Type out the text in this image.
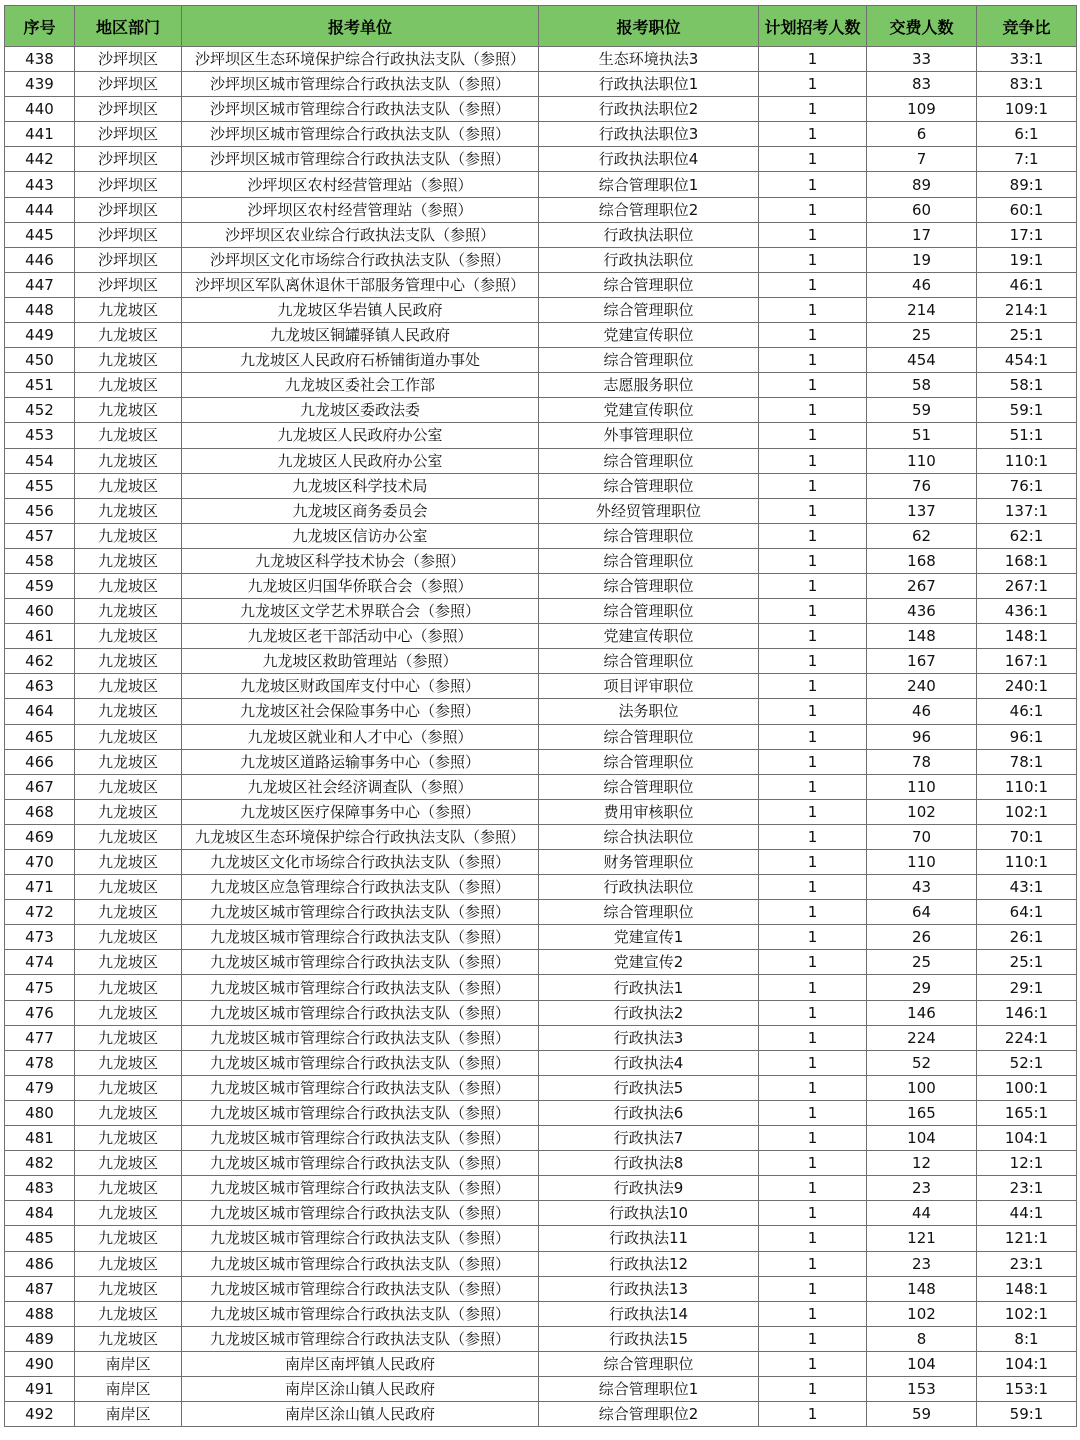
序号	地区部门	报考单位	报考职位	计划招考人数	交费人数	竞争比
438	沙坪坝区	沙坪坝区生态环境保护综合行政执法支队（参照）	生态环境执法3	1	33	33:1
439	沙坪坝区	沙坪坝区城市管理综合行政执法支队（参照）	行政执法职位1	1	83	83:1
440	沙坪坝区	沙坪坝区城市管理综合行政执法支队（参照）	行政执法职位2	1	109	109:1
441	沙坪坝区	沙坪坝区城市管理综合行政执法支队（参照）	行政执法职位3	1	6	6:1
442	沙坪坝区	沙坪坝区城市管理综合行政执法支队（参照）	行政执法职位4	1	7	7:1
443	沙坪坝区	沙坪坝区农村经营管理站（参照）	综合管理职位1	1	89	89:1
444	沙坪坝区	沙坪坝区农村经营管理站（参照）	综合管理职位2	1	60	60:1
445	沙坪坝区	沙坪坝区农业综合行政执法支队（参照）	行政执法职位	1	17	17:1
446	沙坪坝区	沙坪坝区文化市场综合行政执法支队（参照）	行政执法职位	1	19	19:1
447	沙坪坝区	沙坪坝区军队离休退休干部服务管理中心（参照）	综合管理职位	1	46	46:1
448	九龙坡区	九龙坡区华岩镇人民政府	综合管理职位	1	214	214:1
449	九龙坡区	九龙坡区铜罐驿镇人民政府	党建宣传职位	1	25	25:1
450	九龙坡区	九龙坡区人民政府石桥铺街道办事处	综合管理职位	1	454	454:1
451	九龙坡区	九龙坡区委社会工作部	志愿服务职位	1	58	58:1
452	九龙坡区	九龙坡区委政法委	党建宣传职位	1	59	59:1
453	九龙坡区	九龙坡区人民政府办公室	外事管理职位	1	51	51:1
454	九龙坡区	九龙坡区人民政府办公室	综合管理职位	1	110	110:1
455	九龙坡区	九龙坡区科学技术局	综合管理职位	1	76	76:1
456	九龙坡区	九龙坡区商务委员会	外经贸管理职位	1	137	137:1
457	九龙坡区	九龙坡区信访办公室	综合管理职位	1	62	62:1
458	九龙坡区	九龙坡区科学技术协会（参照）	综合管理职位	1	168	168:1
459	九龙坡区	九龙坡区归国华侨联合会（参照）	综合管理职位	1	267	267:1
460	九龙坡区	九龙坡区文学艺术界联合会（参照）	综合管理职位	1	436	436:1
461	九龙坡区	九龙坡区老干部活动中心（参照）	党建宣传职位	1	148	148:1
462	九龙坡区	九龙坡区救助管理站（参照）	综合管理职位	1	167	167:1
463	九龙坡区	九龙坡区财政国库支付中心（参照）	项目评审职位	1	240	240:1
464	九龙坡区	九龙坡区社会保险事务中心（参照）	法务职位	1	46	46:1
465	九龙坡区	九龙坡区就业和人才中心（参照）	综合管理职位	1	96	96:1
466	九龙坡区	九龙坡区道路运输事务中心（参照）	综合管理职位	1	78	78:1
467	九龙坡区	九龙坡区社会经济调查队（参照）	综合管理职位	1	110	110:1
468	九龙坡区	九龙坡区医疗保障事务中心（参照）	费用审核职位	1	102	102:1
469	九龙坡区	九龙坡区生态环境保护综合行政执法支队（参照）	综合执法职位	1	70	70:1
470	九龙坡区	九龙坡区文化市场综合行政执法支队（参照）	财务管理职位	1	110	110:1
471	九龙坡区	九龙坡区应急管理综合行政执法支队（参照）	行政执法职位	1	43	43:1
472	九龙坡区	九龙坡区城市管理综合行政执法支队（参照）	综合管理职位	1	64	64:1
473	九龙坡区	九龙坡区城市管理综合行政执法支队（参照）	党建宣传1	1	26	26:1
474	九龙坡区	九龙坡区城市管理综合行政执法支队（参照）	党建宣传2	1	25	25:1
475	九龙坡区	九龙坡区城市管理综合行政执法支队（参照）	行政执法1	1	29	29:1
476	九龙坡区	九龙坡区城市管理综合行政执法支队（参照）	行政执法2	1	146	146:1
477	九龙坡区	九龙坡区城市管理综合行政执法支队（参照）	行政执法3	1	224	224:1
478	九龙坡区	九龙坡区城市管理综合行政执法支队（参照）	行政执法4	1	52	52:1
479	九龙坡区	九龙坡区城市管理综合行政执法支队（参照）	行政执法5	1	100	100:1
480	九龙坡区	九龙坡区城市管理综合行政执法支队（参照）	行政执法6	1	165	165:1
481	九龙坡区	九龙坡区城市管理综合行政执法支队（参照）	行政执法7	1	104	104:1
482	九龙坡区	九龙坡区城市管理综合行政执法支队（参照）	行政执法8	1	12	12:1
483	九龙坡区	九龙坡区城市管理综合行政执法支队（参照）	行政执法9	1	23	23:1
484	九龙坡区	九龙坡区城市管理综合行政执法支队（参照）	行政执法10	1	44	44:1
485	九龙坡区	九龙坡区城市管理综合行政执法支队（参照）	行政执法11	1	121	121:1
486	九龙坡区	九龙坡区城市管理综合行政执法支队（参照）	行政执法12	1	23	23:1
487	九龙坡区	九龙坡区城市管理综合行政执法支队（参照）	行政执法13	1	148	148:1
488	九龙坡区	九龙坡区城市管理综合行政执法支队（参照）	行政执法14	1	102	102:1
489	九龙坡区	九龙坡区城市管理综合行政执法支队（参照）	行政执法15	1	8	8:1
490	南岸区	南岸区南坪镇人民政府	综合管理职位	1	104	104:1
491	南岸区	南岸区涂山镇人民政府	综合管理职位1	1	153	153:1
492	南岸区	南岸区涂山镇人民政府	综合管理职位2	1	59	59:1
